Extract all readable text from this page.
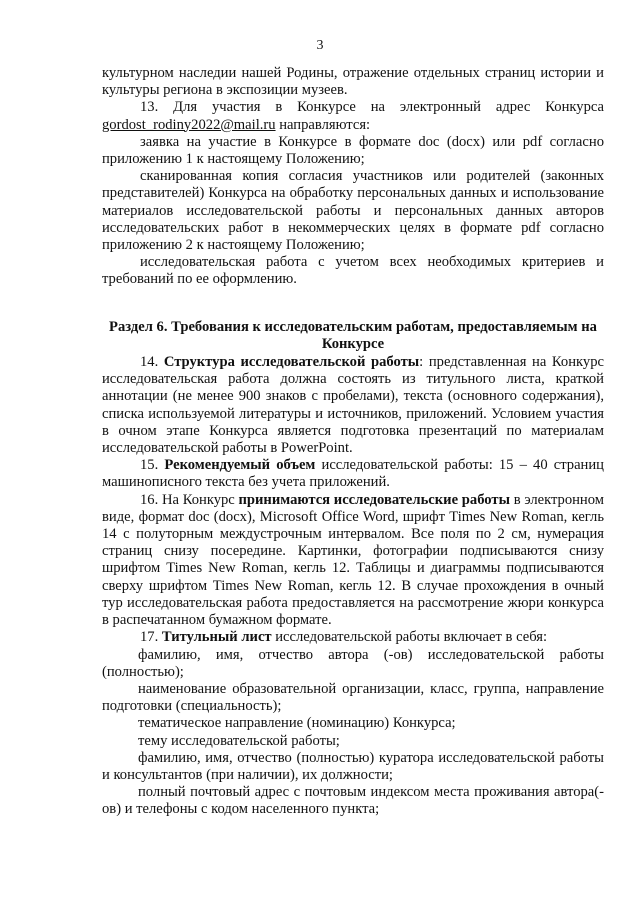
3

культурном наследии нашей Родины, отражение отдельных страниц истории и культуры региона в экспозиции музеев.

13. Для участия в Конкурсе на электронный адрес Конкурса gordost_rodiny2022@mail.ru направляются:

заявка на участие в Конкурсе в формате doc (docx) или pdf согласно приложению 1 к настоящему Положению;

сканированная копия согласия участников или родителей (законных представителей) Конкурса на обработку персональных данных и использование материалов исследовательской работы и персональных данных авторов исследовательских работ в некоммерческих целях в формате pdf согласно приложению 2 к настоящему Положению;

исследовательская работа с учетом всех необходимых критериев и требований по ее оформлению.

Раздел 6. Требования к исследовательским работам, предоставляемым на Конкурсе

14. Структура исследовательской работы: представленная на Конкурс исследовательская работа должна состоять из титульного листа, краткой аннотации (не менее 900 знаков с пробелами), текста (основного содержания), списка используемой литературы и источников, приложений. Условием участия в очном этапе Конкурса является подготовка презентаций по материалам исследовательской работы в PowerPoint.

15. Рекомендуемый объем исследовательской работы: 15 – 40 страниц машинописного текста без учета приложений.

16. На Конкурс принимаются исследовательские работы в электронном виде, формат doc (docx), Microsoft Office Word, шрифт Times New Roman, кегль 14 с полуторным междустрочным интервалом. Все поля по 2 см, нумерация страниц снизу посередине. Картинки, фотографии подписываются снизу шрифтом Times New Roman, кегль 12. Таблицы и диаграммы подписываются сверху шрифтом Times New Roman, кегль 12. В случае прохождения в очный тур исследовательская работа предоставляется на рассмотрение жюри конкурса в распечатанном бумажном формате.

17. Титульный лист исследовательской работы включает в себя:

фамилию, имя, отчество автора (-ов) исследовательской работы (полностью);

наименование образовательной организации, класс, группа, направление подготовки (специальность);

тематическое направление (номинацию) Конкурса;

тему исследовательской работы;

фамилию, имя, отчество (полностью) куратора исследовательской работы и консультантов (при наличии), их должности;

полный почтовый адрес с почтовым индексом места проживания автора(-ов) и телефоны с кодом населенного пункта;
